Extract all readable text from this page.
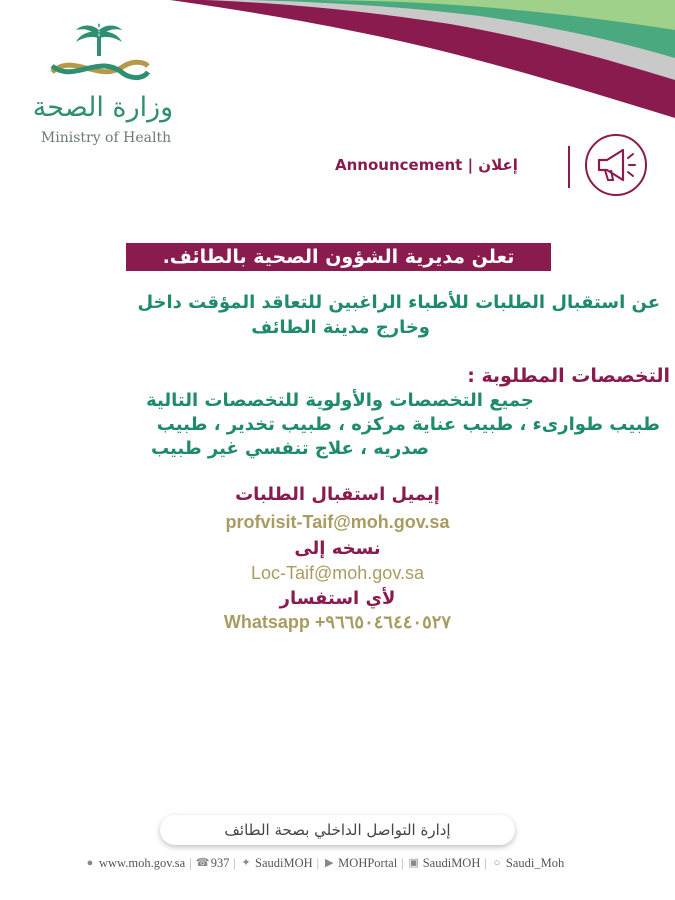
وزارة الصحة
Ministry of Health
Announcement | إعلان
تعلن مديرية الشؤون الصحية بالطائف.
عن استقبال الطلبات للأطباء الراغبين للتعاقد المؤقت داخل
وخارج مدينة الطائف
التخصصات المطلوبة :
جميع التخصصات والأولوية للتخصصات التالية
طبيب طوارىء ، طبيب عناية مركزه ، طبيب تخدير ، طبيب
صدريه ، علاج تنفسي غير طبيب
إيميل استقبال الطلبات
profvisit-Taif@moh.gov.sa
نسخه إلى
Loc-Taif@moh.gov.sa
لأي استفسار
Whatsapp +٩٦٦٥٠٤٦٤٤٠٥٢٧
إدارة التواصل الداخلي بصحة الطائف
● www.moh.gov.sa | ☎ 937 | ✦ SaudiMOH | ▶ MOHPortal | ▣ SaudiMOH | ○ Saudi_Moh
